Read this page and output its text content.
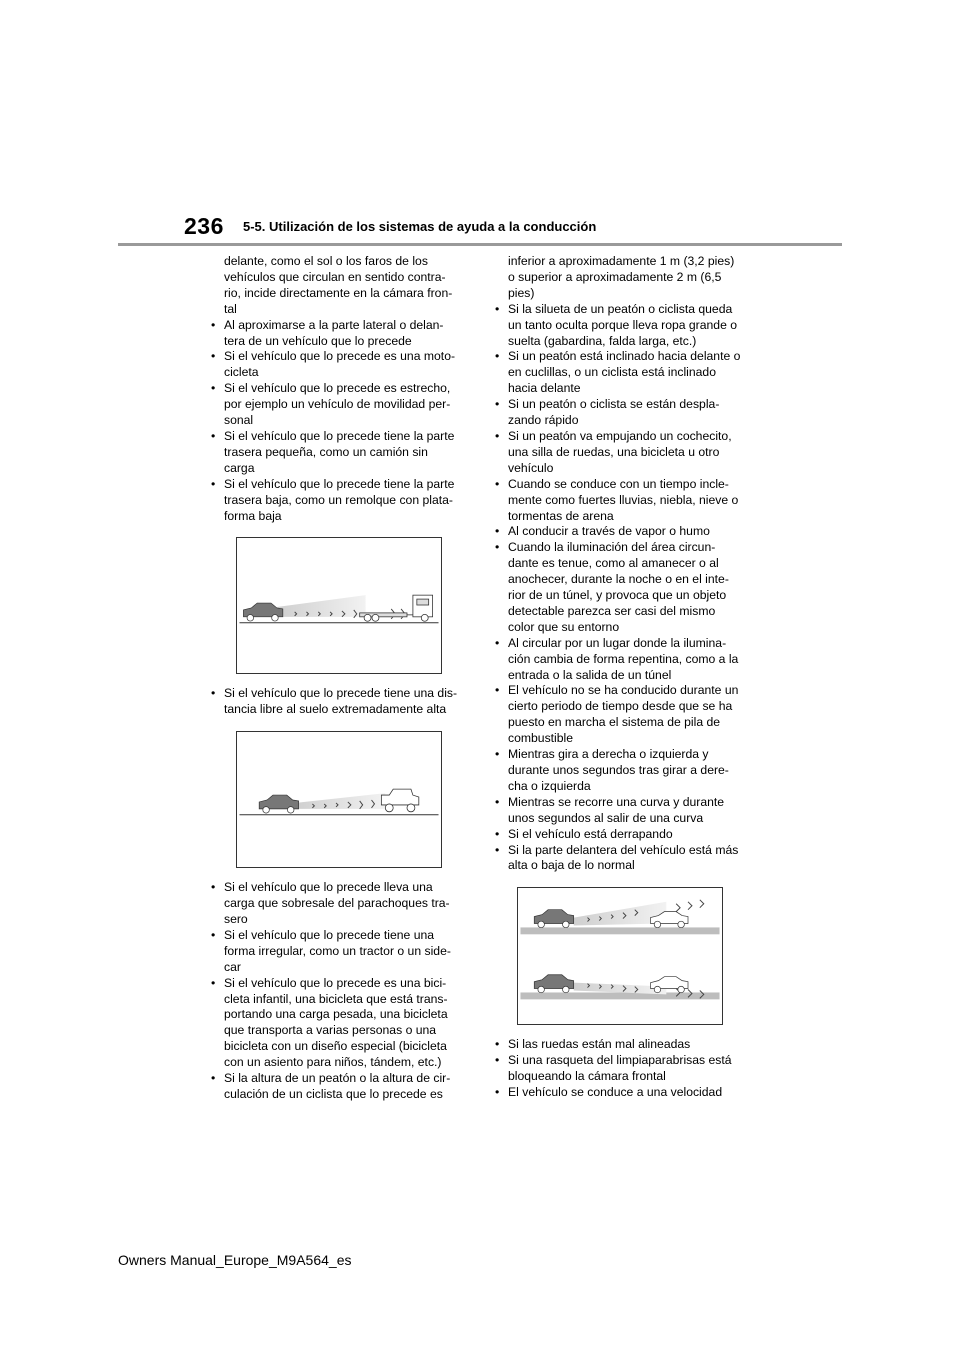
236 5-5. Utilización de los sistemas de ayuda a la conducción
delante, como el sol o los faros de los
vehículos que circulan en sentido contra-
rio, incide directamente en la cámara fron-
tal
• Al aproximarse a la parte lateral o delan-
tera de un vehículo que lo precede
• Si el vehículo que lo precede es una moto-
cicleta
• Si el vehículo que lo precede es estrecho,
por ejemplo un vehículo de movilidad per-
sonal
• Si el vehículo que lo precede tiene la parte
trasera pequeña, como un camión sin
carga
• Si el vehículo que lo precede tiene la parte
trasera baja, como un remolque con plata-
forma baja
• Si el vehículo que lo precede tiene una dis-
tancia libre al suelo extremadamente alta
• Si el vehículo que lo precede lleva una
carga que sobresale del parachoques tra-
sero
• Si el vehículo que lo precede tiene una
forma irregular, como un tractor o un side-
car
• Si el vehículo que lo precede es una bici-
cleta infantil, una bicicleta que está trans-
portando una carga pesada, una bicicleta
que transporta a varias personas o una
bicicleta con un diseño especial (bicicleta
con un asiento para niños, tándem, etc.)
• Si la altura de un peatón o la altura de cir-
culación de un ciclista que lo precede es
inferior a aproximadamente 1 m (3,2 pies)
o superior a aproximadamente 2 m (6,5
pies)
• Si la silueta de un peatón o ciclista queda
un tanto oculta porque lleva ropa grande o
suelta (gabardina, falda larga, etc.)
• Si un peatón está inclinado hacia delante o
en cuclillas, o un ciclista está inclinado
hacia delante
• Si un peatón o ciclista se están despla-
zando rápido
• Si un peatón va empujando un cochecito,
una silla de ruedas, una bicicleta u otro
vehículo
• Cuando se conduce con un tiempo incle-
mente como fuertes lluvias, niebla, nieve o
tormentas de arena
• Al conducir a través de vapor o humo
• Cuando la iluminación del área circun-
dante es tenue, como al amanecer o al
anochecer, durante la noche o en el inte-
rior de un túnel, y provoca que un objeto
detectable parezca ser casi del mismo
color que su entorno
• Al circular por un lugar donde la ilumina-
ción cambia de forma repentina, como a la
entrada o la salida de un túnel
• El vehículo no se ha conducido durante un
cierto periodo de tiempo desde que se ha
puesto en marcha el sistema de pila de
combustible
• Mientras gira a derecha o izquierda y
durante unos segundos tras girar a dere-
cha o izquierda
• Mientras se recorre una curva y durante
unos segundos al salir de una curva
• Si el vehículo está derrapando
• Si la parte delantera del vehículo está más
alta o baja de lo normal
• Si las ruedas están mal alineadas
• Si una rasqueta del limpiaparabrisas está
bloqueando la cámara frontal
• El vehículo se conduce a una velocidad
Owners Manual_Europe_M9A564_es
